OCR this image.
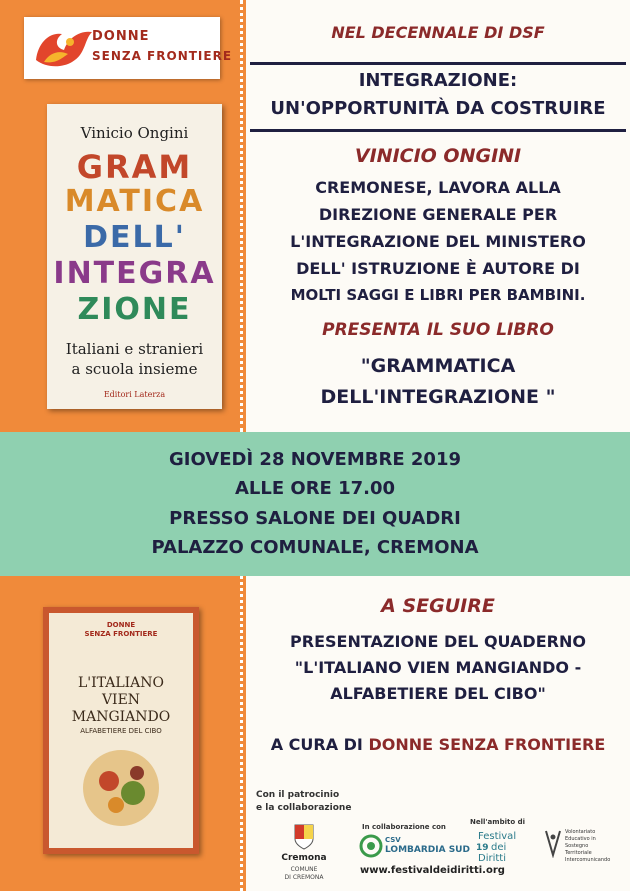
DONNE
SENZA FRONTIERE
Vinicio Ongini
GRAM
MATICA
DELL'
INTEGRA
ZIONE
Italiani e stranieri
a scuola insieme
Editori Laterza
NEL DECENNALE DI DSF
INTEGRAZIONE:
UN'OPPORTUNITÀ DA COSTRUIRE
VINICIO ONGINI
CREMONESE, LAVORA ALLA
DIREZIONE GENERALE PER
L'INTEGRAZIONE DEL MINISTERO
DELL' ISTRUZIONE È AUTORE DI
MOLTI SAGGI E LIBRI PER BAMBINI.
PRESENTA IL SUO LIBRO
"GRAMMATICA
DELL'INTEGRAZIONE "
GIOVEDÌ 28 NOVEMBRE 2019
ALLE ORE 17.00
PRESSO SALONE DEI QUADRI
PALAZZO COMUNALE, CREMONA
DONNE
SENZA FRONTIERE
L'ITALIANO
VIEN
MANGIANDO
ALFABETIERE DEL CIBO
A SEGUIRE
PRESENTAZIONE DEL QUADERNO
"L'ITALIANO VIEN MANGIANDO -
ALFABETIERE DEL CIBO"
A CURA DI DONNE SENZA FRONTIERE
Con il patrocinio
e la collaborazione
Cremona
COMUNE
DI CREMONA
In collaborazione con
CSV
LOMBARDIA SUD
Nell'ambito di
Festival
19 dei
Diritti
www.festivaldeidiritti.org
Volontariato
Educativo in
Sostegno
Territoriale
Intercomunicando
